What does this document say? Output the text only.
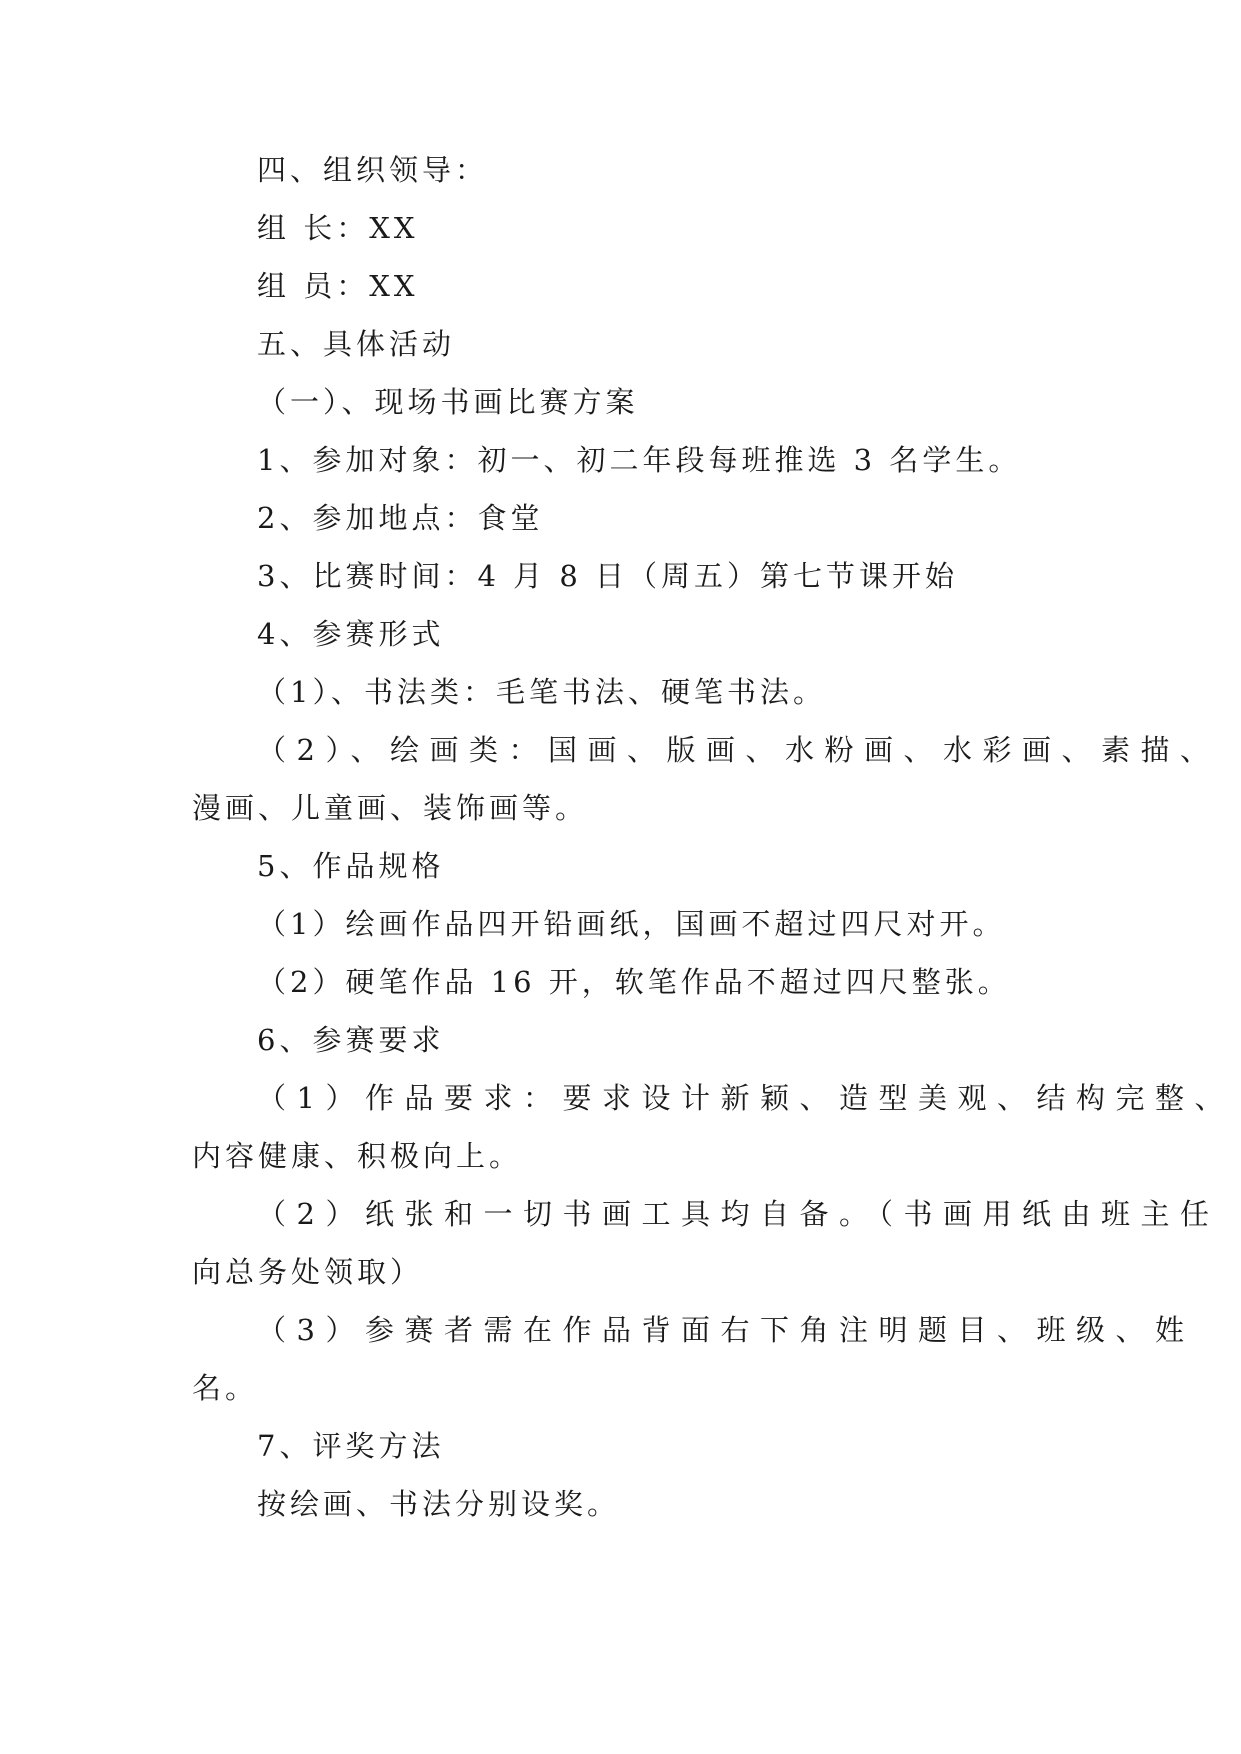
四、组织领导：
组 长：XX
组 员：XX
五、具体活动
（一）、现场书画比赛方案
1、参加对象：初一、初二年段每班推选 3 名学生。
2、参加地点：食堂
3、比赛时间：4 月 8 日（周五）第七节课开始
4、参赛形式
（1）、书法类：毛笔书法、硬笔书法。
（2）、绘画类：国画、版画、水粉画、水彩画、素描、
漫画、儿童画、装饰画等。
5、作品规格
（1）绘画作品四开铅画纸，国画不超过四尺对开。
（2）硬笔作品 16 开，软笔作品不超过四尺整张。
6、参赛要求
（1）作品要求：要求设计新颖、造型美观、结构完整、
内容健康、积极向上。
（2）纸张和一切书画工具均自备。（书画用纸由班主任
向总务处领取）
（3）参赛者需在作品背面右下角注明题目、班级、姓
名。
7、评奖方法
按绘画、书法分别设奖。
